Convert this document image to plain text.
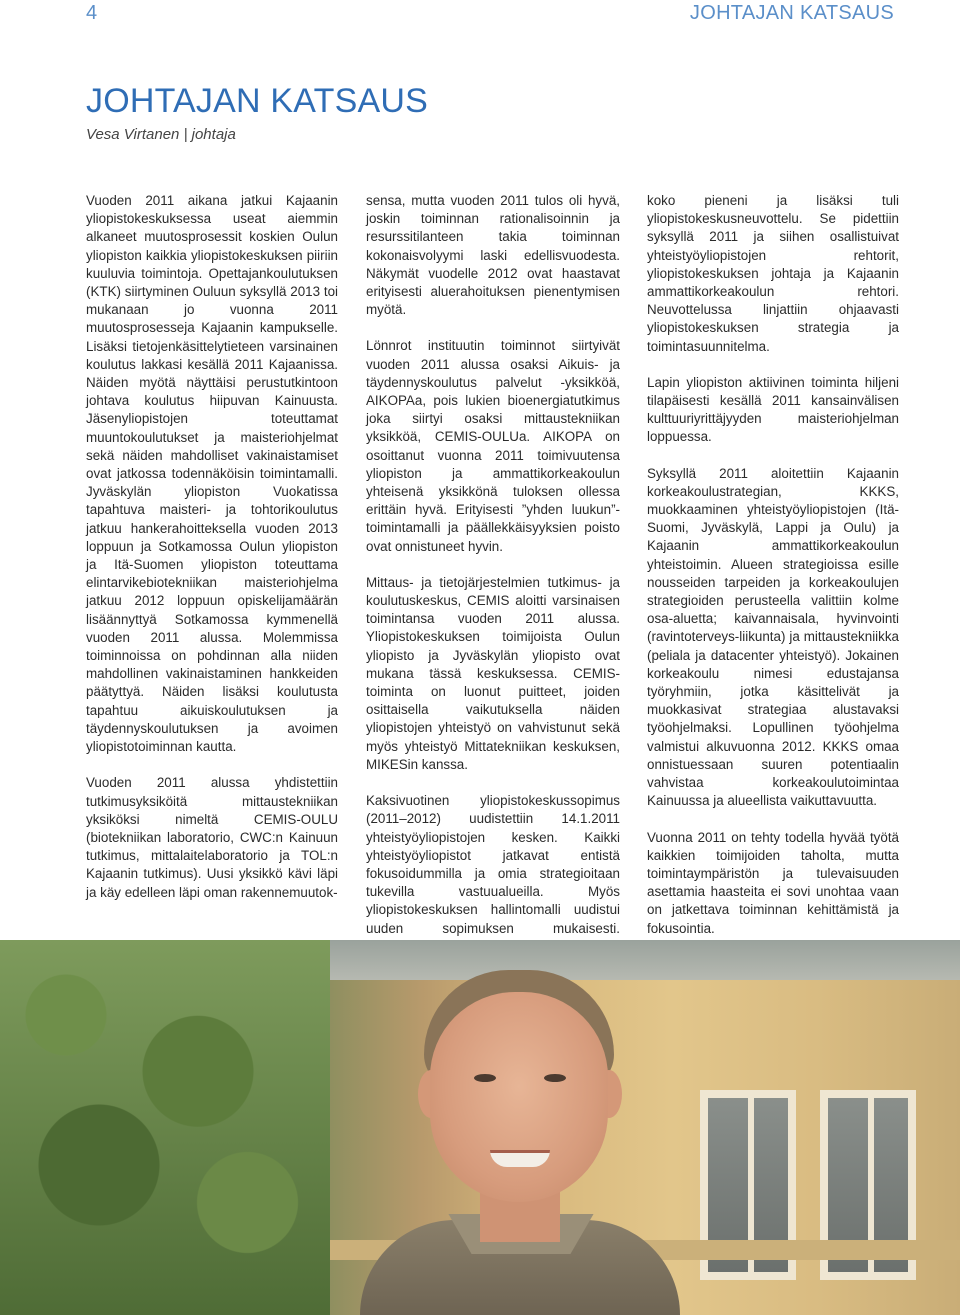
4	JOHTAJAN KATSAUS
JOHTAJAN KATSAUS
Vesa Virtanen | johtaja

Vuoden 2011 aikana jatkui Kajaanin yliopistokeskuksessa useat aiemmin alkaneet muutosprosessit koskien Oulun yliopiston kaikkia yliopistokeskuksen piiriin kuuluvia toimintoja. Opettajankoulutuksen (KTK) siirtyminen Ouluun syksyllä 2013 toi mukanaan jo vuonna 2011 muutosprosesseja Kajaanin kampukselle. Lisäksi tietojenkäsittelytieteen varsinainen koulutus lakkasi kesällä 2011 Kajaanissa. Näiden myötä näyttäisi perustutkintoon johtava koulutus hiipuvan Kainuusta. Jäsenyliopistojen toteuttamat muuntokoulutukset ja maisteriohjelmat sekä näiden mahdolliset vakinaistamiset ovat jatkossa todennäköisin toimintamalli. Jyväskylän yliopiston Vuokatissa tapahtuva maisteri- ja tohtorikoulutus jatkuu hankerahoitteksella vuoden 2013 loppuun ja Sotkamossa Oulun yliopiston ja Itä-Suomen yliopiston toteuttama elintarvikebiotekniikan maisteriohjelma jatkuu 2012 loppuun opiskelijamäärän lisäännyttyä Sotkamossa kymmenellä vuoden 2011 alussa. Molemmissa toiminnoissa on pohdinnan alla niiden mahdollinen vakinaistaminen hankkeiden päätyttyä. Näiden lisäksi koulutusta tapahtuu aikuiskoulutuksen ja täydennyskoulutuksen ja avoimen yliopistotoiminnan kautta.

Vuoden 2011 alussa yhdistettiin tutkimusyksiköitä mittaustekniikan yksiköksi nimeltä CEMIS-OULU (biotekniikan laboratorio, CWC:n Kainuun tutkimus, mittalaitelaboratorio ja TOL:n Kajaanin tutkimus). Uusi yksikkö kävi läpi ja käy edelleen läpi oman rakennemuutok-

sensa, mutta vuoden 2011 tulos oli hyvä, joskin toiminnan rationalisoinnin ja resurssitilanteen takia toiminnan kokonaisvolyymi laski edellisvuodesta. Näkymät vuodelle 2012 ovat haastavat erityisesti aluerahoituksen pienentymisen myötä.

Lönnrot instituutin toiminnot siirtyivät vuoden 2011 alussa osaksi Aikuis- ja täydennyskoulutus palvelut -yksikköä, AIKOPAa, pois lukien bioenergiatutkimus joka siirtyi osaksi mittaustekniikan yksikköä, CEMIS-OULUa. AIKOPA on osoittanut vuonna 2011 toimivuutensa yliopiston ja ammattikorkeakoulun yhteisenä yksikkönä tuloksen ollessa erittäin hyvä. Erityisesti ”yhden luukun”-toimintamalli ja päällekkäisyyksien poisto ovat onnistuneet hyvin.

Mittaus- ja tietojärjestelmien tutkimus- ja koulutuskeskus, CEMIS aloitti varsinaisen toimintansa vuoden 2011 alussa. Yliopistokeskuksen toimijoista Oulun yliopisto ja Jyväskylän yliopisto ovat mukana tässä keskuksessa. CEMIS-toiminta on luonut puitteet, joiden osittaisella vaikutuksella näiden yliopistojen yhteistyö on vahvistunut sekä myös yhteistyö Mittatekniikan keskuksen, MIKESin kanssa.

Kaksivuotinen yliopistokeskussopimus (2011–2012) uudistettiin 14.1.2011 yhteistyöyliopistojen kesken. Kaikki yhteistyöyliopistot jatkavat entistä fokusoidummilla ja omia strategioitaan tukevilla vastuualueilla. Myös yliopistokeskuksen hallintomalli uudistui uuden sopimuksen mukaisesti.

koko pieneni ja lisäksi tuli yliopistokeskusneuvottelu. Se pidettiin syksyllä 2011 ja siihen osallistuivat yhteistyöyliopistojen rehtorit, yliopistokeskuksen johtaja ja Kajaanin ammattikorkeakoulun rehtori. Neuvottelussa linjattiin ohjaavasti yliopistokeskuksen strategia ja toimintasuunnitelma.

Lapin yliopiston aktiivinen toiminta hiljeni tilapäisesti kesällä 2011 kansainvälisen kulttuuriyrittäjyyden maisteriohjelman loppuessa.

Syksyllä 2011 aloitettiin Kajaanin korkeakoulustrategian, KKKS, muokkaaminen yhteistyöyliopistojen (Itä-Suomi, Jyväskylä, Lappi ja Oulu) ja Kajaanin ammattikorkeakoulun yhteistoimin. Alueen strategioissa esille nousseiden tarpeiden ja korkeakoulujen strategioiden perusteella valittiin kolme osa-aluetta; kaivannaisala, hyvinvointi (ravintoterveys-liikunta) ja mittaustekniikka (peliala ja datacenter yhteistyö). Jokainen korkeakoulu nimesi edustajansa työryhmiin, jotka käsittelivät ja muokkasivat strategiaa alustavaksi työohjelmaksi. Lopullinen työohjelma valmistui alkuvuonna 2012. KKKS omaa onnistuessaan suuren potentiaalin vahvistaa korkeakoulutoimintaa Kainuussa ja alueellista vaikuttavuutta.

Vuonna 2011 on tehty todella hyvää työtä kaikkien toimijoiden taholta, mutta toimintaympäristön ja tulevaisuuden asettamia haasteita ei sovi unohtaa vaan on jatkettava toiminnan kehittämistä ja fokusointia.
